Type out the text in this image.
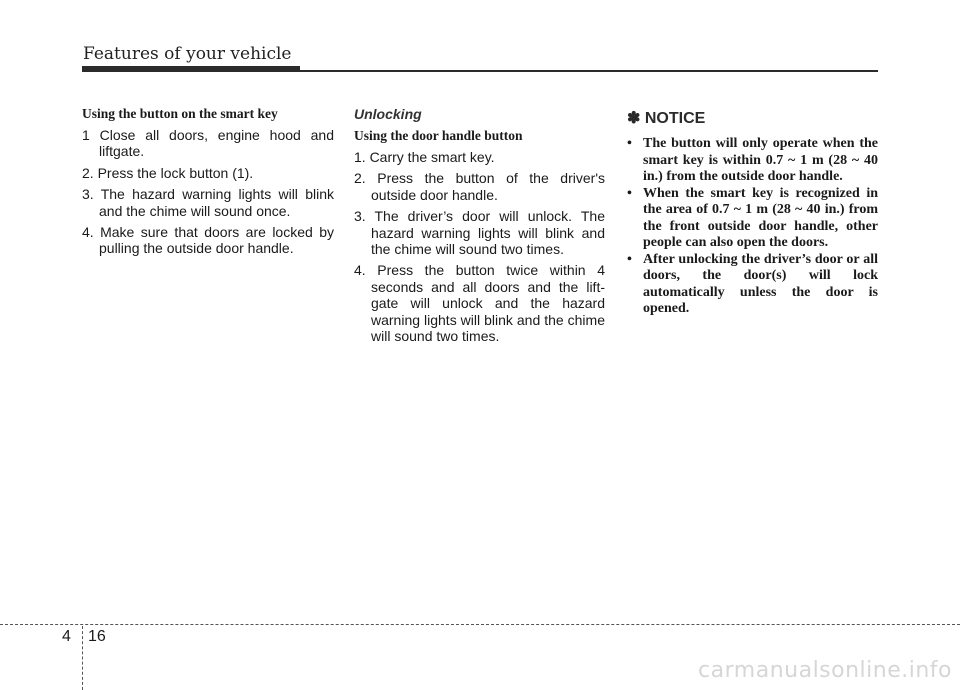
Features of your vehicle
Using the button on the smart key
1 Close all doors, engine hood and liftgate.
2. Press the lock button (1).
3. The hazard warning lights will blink and the chime will sound once.
4. Make sure that doors are locked by pulling the outside door handle.
Unlocking
Using the door handle button
1. Carry the smart key.
2. Press the button of the driver's outside door handle.
3. The driver’s door will unlock. The hazard warning lights will blink and the chime will sound two times.
4. Press the button twice within 4 seconds and all doors and the lift-gate will unlock and the hazard warning lights will blink and the chime will sound two times.
✽ NOTICE
• The button will only operate when the smart key is within 0.7 ~ 1 m (28 ~ 40 in.) from the outside door handle.
• When the smart key is recognized in the area of 0.7 ~ 1 m (28 ~ 40 in.) from the front outside door handle, other people can also open the doors.
• After unlocking the driver’s door or all doors, the door(s) will lock automatically unless the door is opened.
4 16
carmanualsonline.info
